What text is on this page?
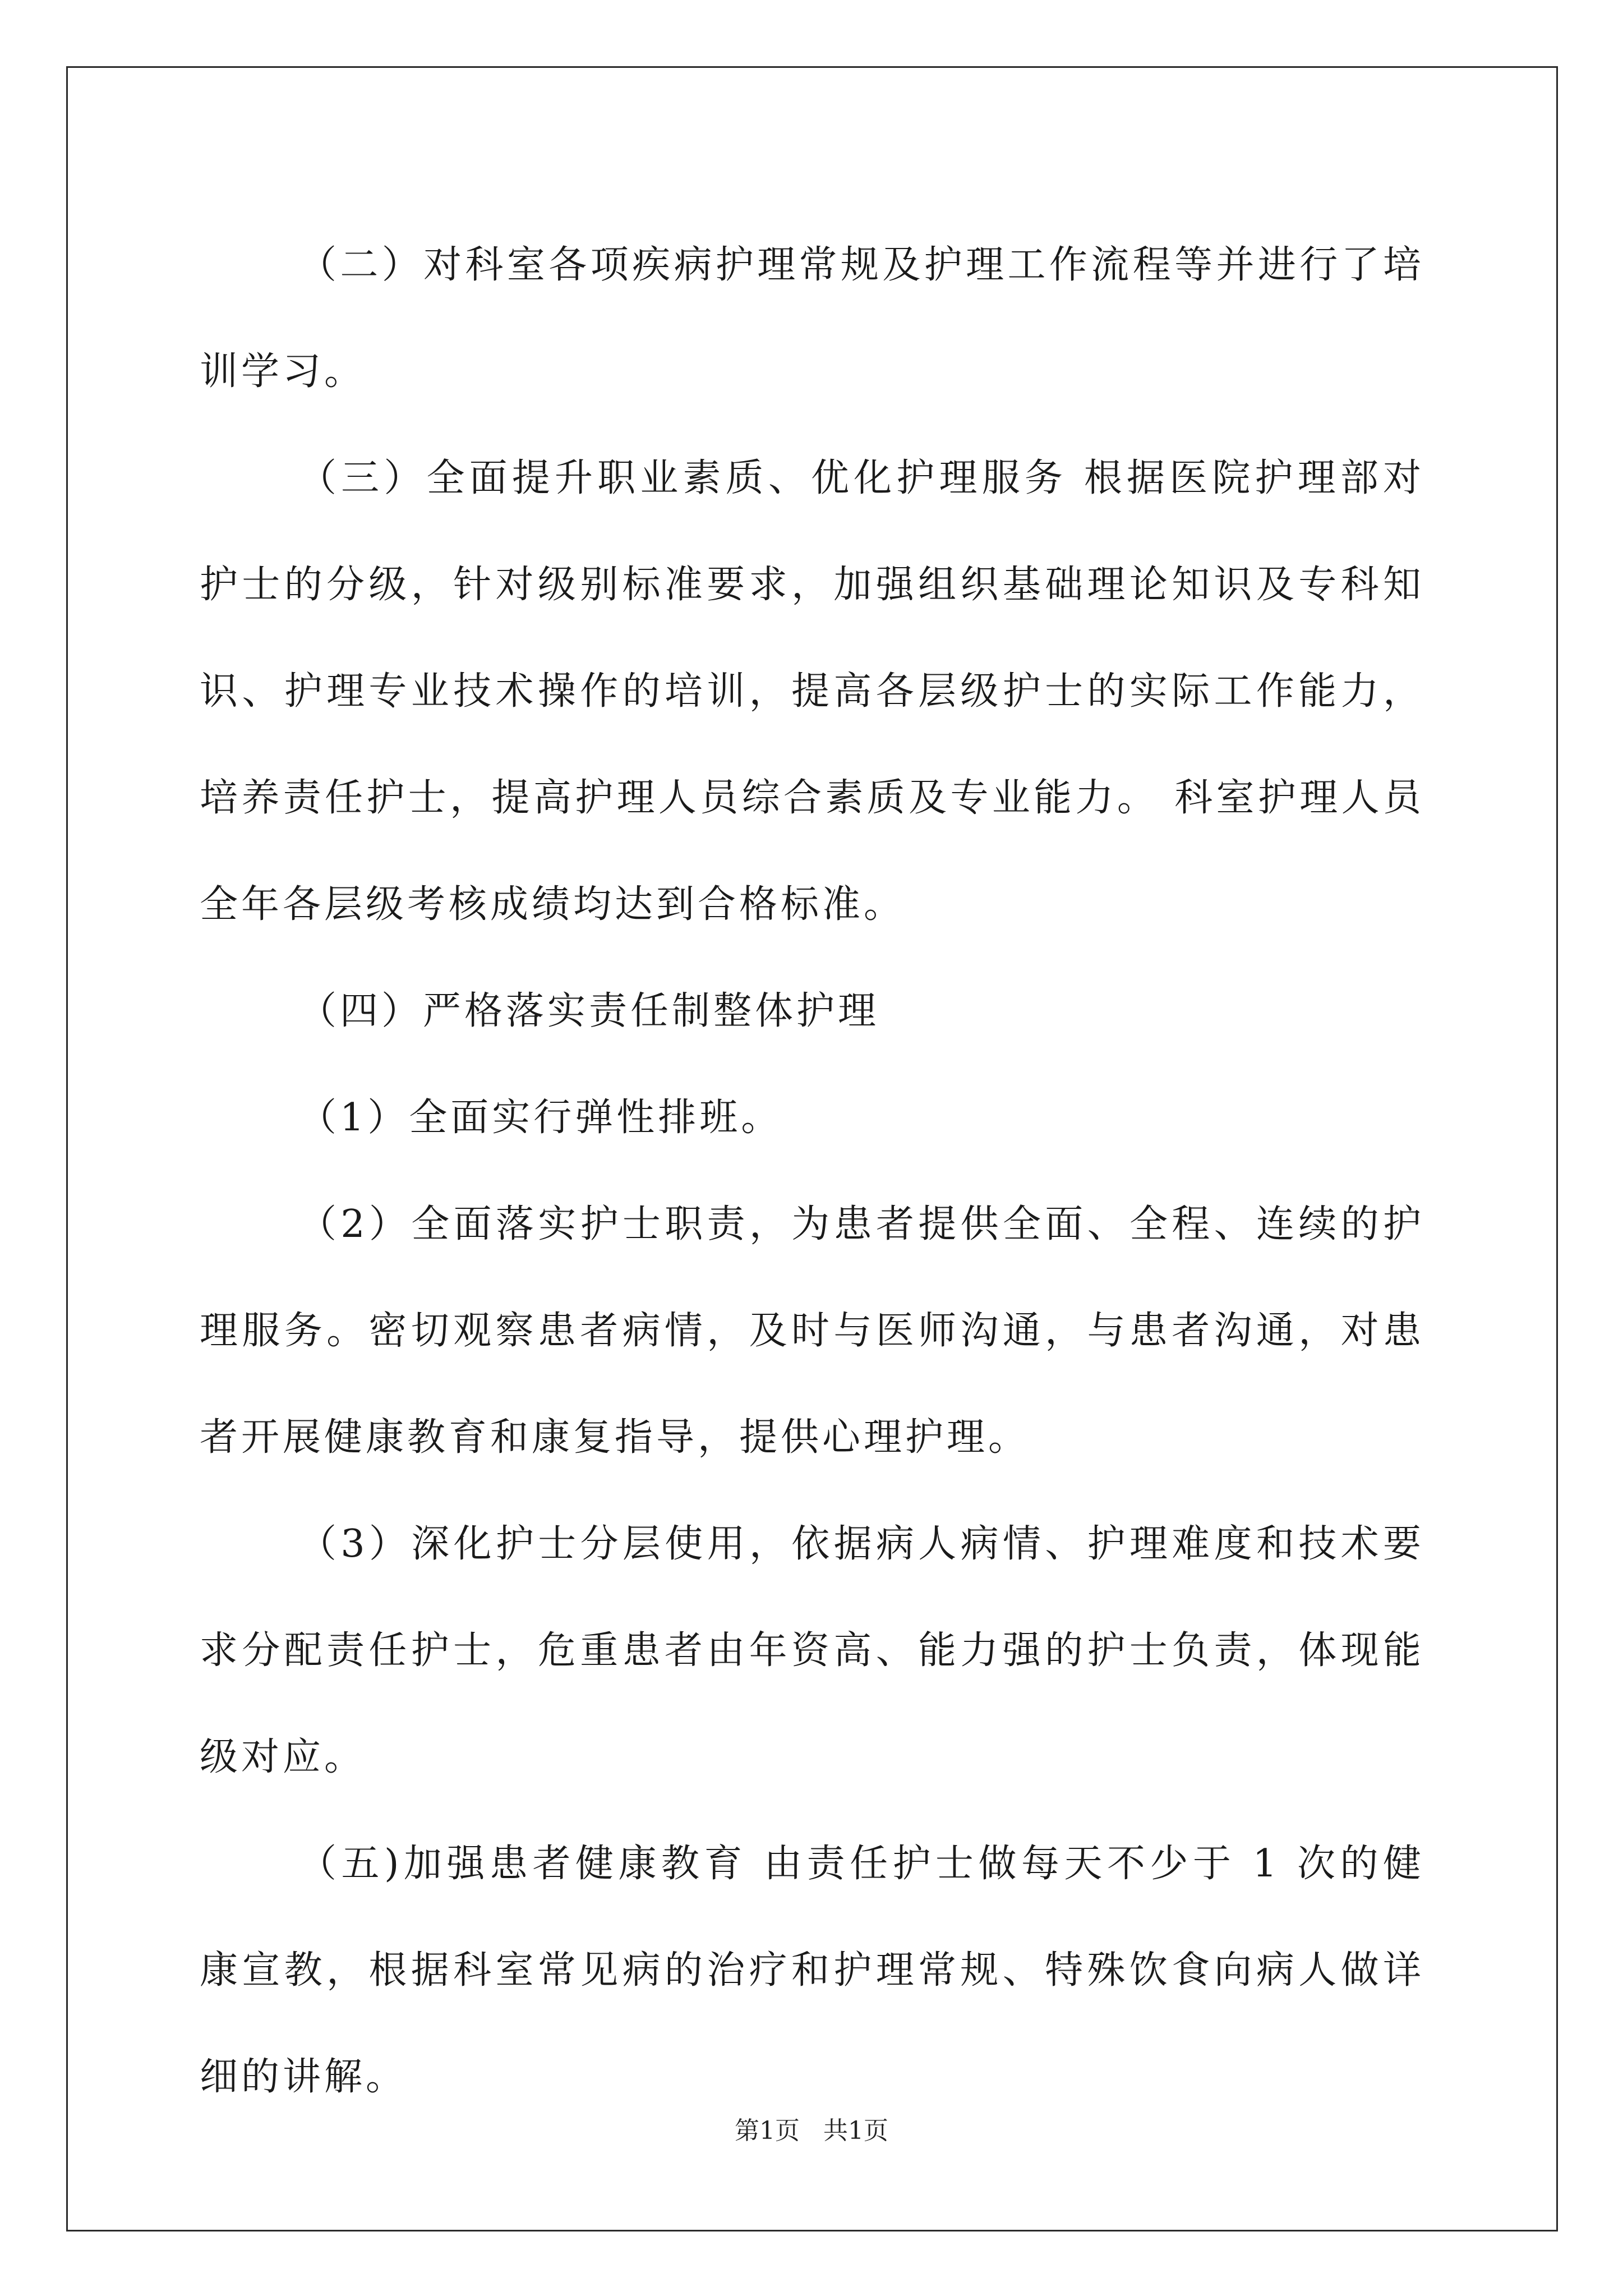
（二）对科室各项疾病护理常规及护理工作流程等并进行了培训学习。

（三）全面提升职业素质、优化护理服务 根据医院护理部对护士的分级，针对级别标准要求，加强组织基础理论知识及专科知识、护理专业技术操作的培训，提高各层级护士的实际工作能力，培养责任护士，提高护理人员综合素质及专业能力。 科室护理人员全年各层级考核成绩均达到合格标准。

（四）严格落实责任制整体护理

（1）全面实行弹性排班。

（2）全面落实护士职责，为患者提供全面、全程、连续的护理服务。密切观察患者病情，及时与医师沟通，与患者沟通，对患者开展健康教育和康复指导，提供心理护理。

（3）深化护士分层使用，依据病人病情、护理难度和技术要求分配责任护士，危重患者由年资高、能力强的护士负责，体现能级对应。

（五)加强患者健康教育 由责任护士做每天不少于 1 次的健康宣教，根据科室常见病的治疗和护理常规、特殊饮食向病人做详细的讲解。

第1页 共1页
